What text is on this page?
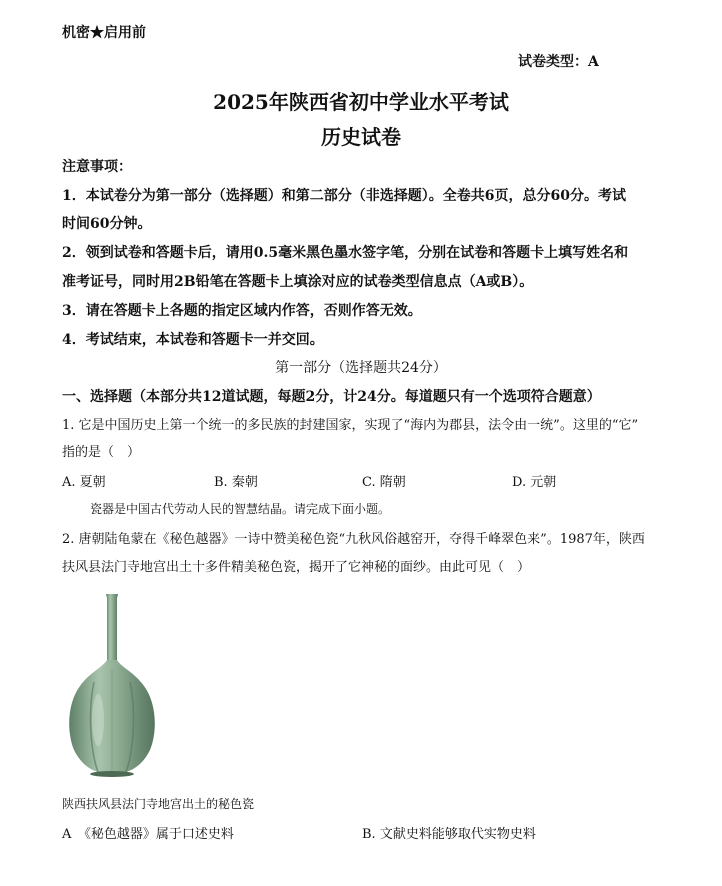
机密★启用前
试卷类型：A
2025年陕西省初中学业水平考试
历史试卷
注意事项：
1．本试卷分为第一部分（选择题）和第二部分（非选择题）。全卷共6页，总分60分。考试
时间60分钟。
2．领到试卷和答题卡后，请用0.5毫米黑色墨水签字笔，分别在试卷和答题卡上填写姓名和
准考证号，同时用2B铅笔在答题卡上填涂对应的试卷类型信息点（A或B）。
3．请在答题卡上各题的指定区域内作答，否则作答无效。
4．考试结束，本试卷和答题卡一并交回。
第一部分（选择题共24分）
一、选择题（本部分共12道试题，每题2分，计24分。每道题只有一个选项符合题意）
1. 它是中国历史上第一个统一的多民族的封建国家，实现了“海内为郡县，法令由一统”。这里的“它”
指的是（　）
A. 夏朝	B. 秦朝	C. 隋朝	D. 元朝
瓷器是中国古代劳动人民的智慧结晶。请完成下面小题。
2. 唐朝陆龟蒙在《秘色越器》一诗中赞美秘色瓷“九秋风俗越窑开，夺得千峰翠色来”。1987年，陕西
扶风县法门寺地宫出土十多件精美秘色瓷，揭开了它神秘的面纱。由此可见（　）
陕西扶风县法门寺地宫出土的秘色瓷
A　《秘色越器》属于口述史料	B. 文献史料能够取代实物史料
